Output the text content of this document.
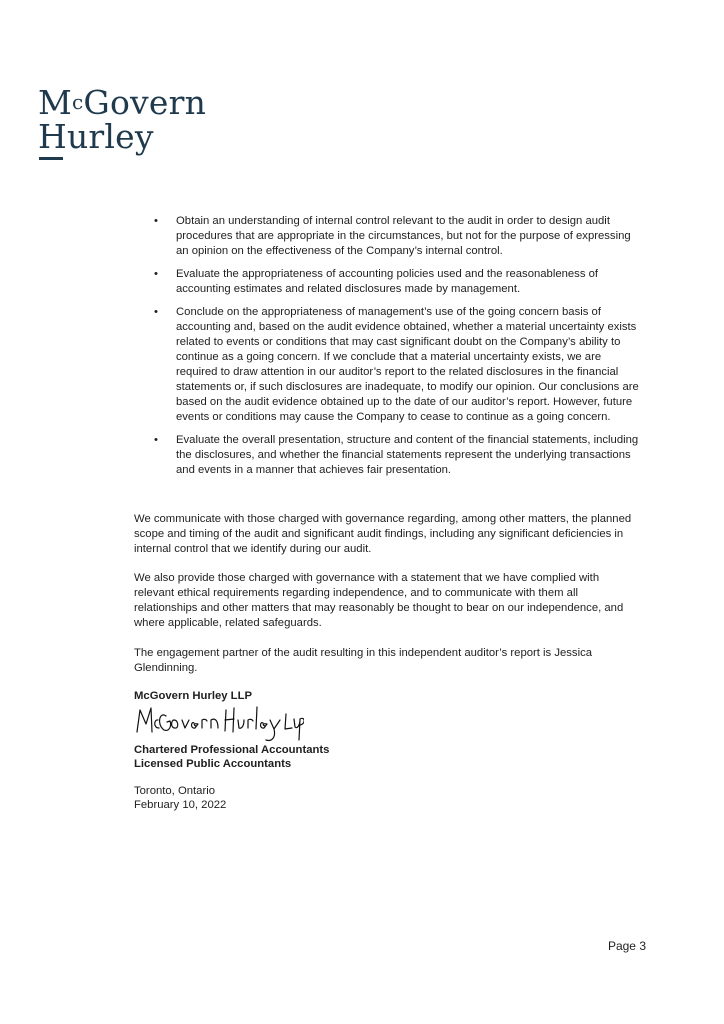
$M^cGovern$
Hurley
• Obtain an understanding of internal control relevant to the audit in order to design audit procedures that are appropriate in the circumstances, but not for the purpose of expressing an opinion on the effectiveness of the Company’s internal control.
• Evaluate the appropriateness of accounting policies used and the reasonableness of accounting estimates and related disclosures made by management.
• Conclude on the appropriateness of management’s use of the going concern basis of accounting and, based on the audit evidence obtained, whether a material uncertainty exists related to events or conditions that may cast significant doubt on the Company’s ability to continue as a going concern. If we conclude that a material uncertainty exists, we are required to draw attention in our auditor’s report to the related disclosures in the financial statements or, if such disclosures are inadequate, to modify our opinion. Our conclusions are based on the audit evidence obtained up to the date of our auditor’s report. However, future events or conditions may cause the Company to cease to continue as a going concern.
• Evaluate the overall presentation, structure and content of the financial statements, including the disclosures, and whether the financial statements represent the underlying transactions and events in a manner that achieves fair presentation.

We communicate with those charged with governance regarding, among other matters, the planned scope and timing of the audit and significant audit findings, including any significant deficiencies in internal control that we identify during our audit.

We also provide those charged with governance with a statement that we have complied with relevant ethical requirements regarding independence, and to communicate with them all relationships and other matters that may reasonably be thought to bear on our independence, and where applicable, related safeguards.

The engagement partner of the audit resulting in this independent auditor’s report is Jessica Glendinning.

McGovern Hurley LLP
Chartered Professional Accountants
Licensed Public Accountants
Toronto, Ontario
February 10, 2022
Page 3
